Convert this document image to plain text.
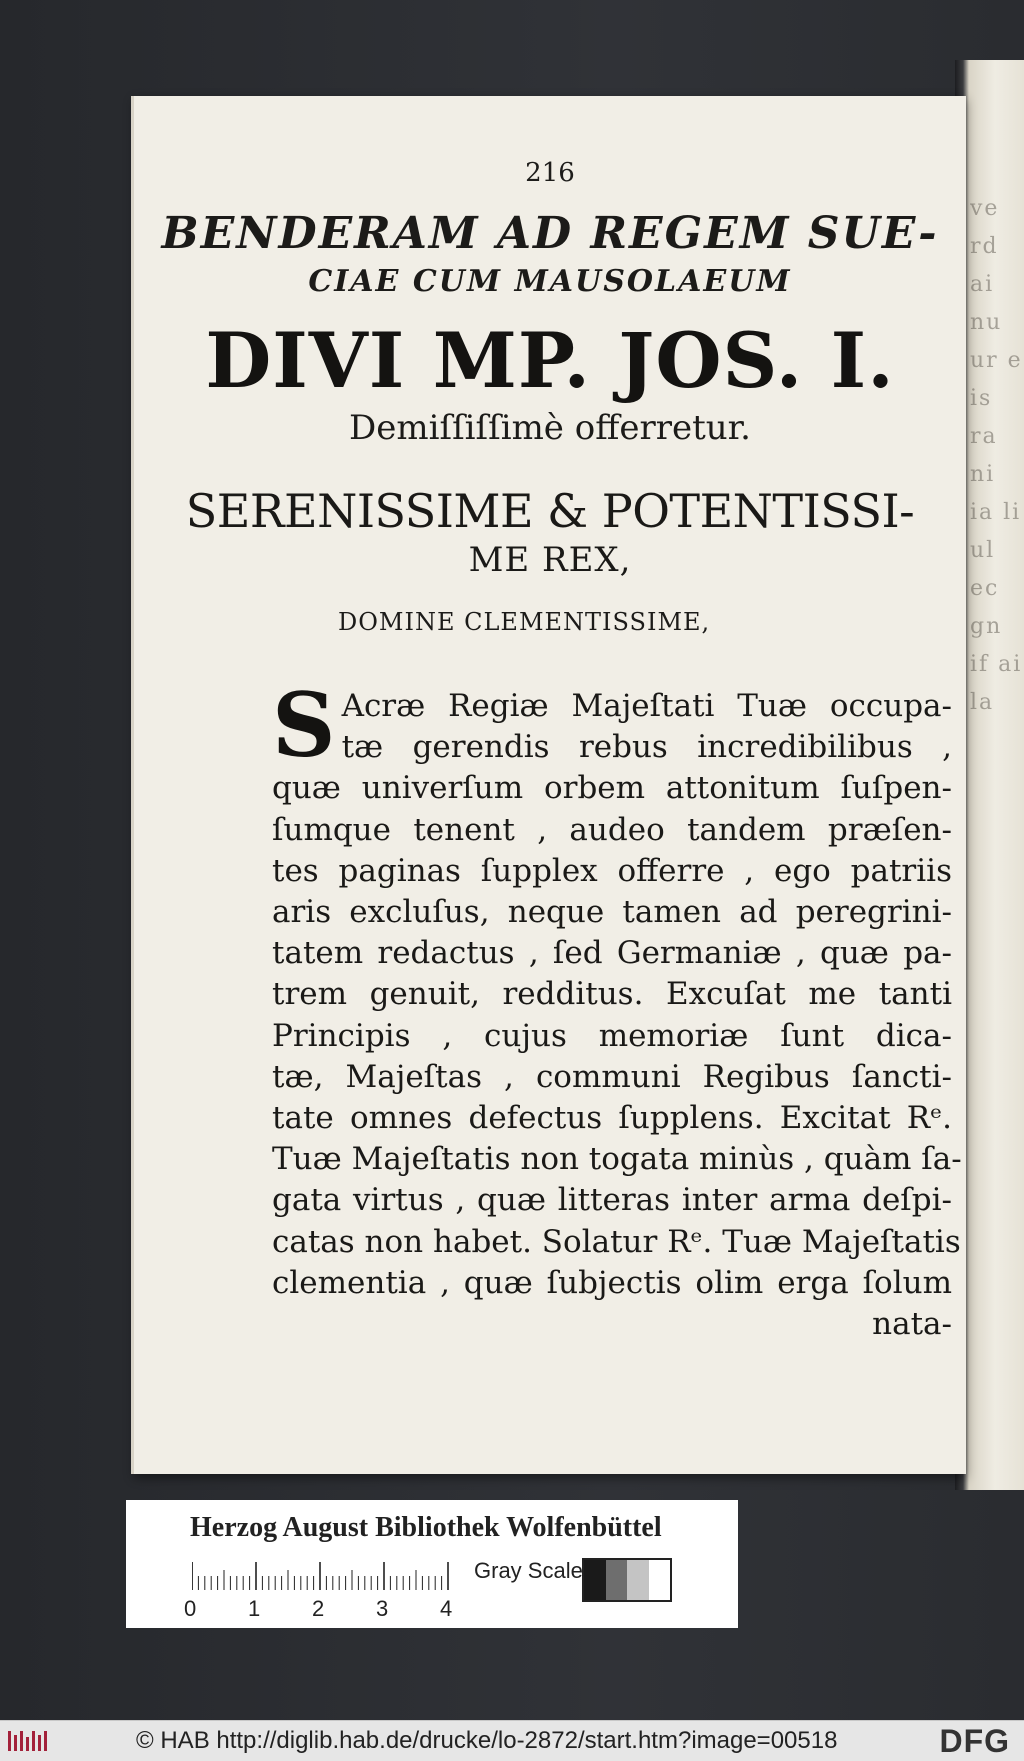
ve rd ai nu ur e is ra ni ia li ul ec gn if ai la
216
BENDERAM AD REGEM SUE-
CIAE CUM MAUSOLAEUM
DIVI MP. JOS. I.
Demiſſiſſimè offerretur.
SERENISSIME & POTENTISSI-
ME REX,
DOMINE CLEMENTISSIME,
S Acræ Regiæ Majeſtati Tuæ occupa-
tæ gerendis rebus incredibilibus ,
quæ univerſum orbem attonitum ſuſpen-
ſumque tenent , audeo tandem præſen-
tes paginas ſupplex offerre , ego patriis
aris excluſus, neque tamen ad peregrini-
tatem redactus , ſed Germaniæ , quæ pa-
trem genuit, redditus. Excuſat me tanti
Principis , cujus memoriæ ſunt dica-
tæ, Majeſtas , communi Regibus ſancti-
tate omnes defectus ſupplens. Excitat Rᵉ.
Tuæ Majeſtatis non togata minùs , quàm ſa-
gata virtus , quæ litteras inter arma deſpi-
catas non habet. Solatur Rᵉ. Tuæ Majeſtatis
clementia , quæ ſubjectis olim erga ſolum
nata-
Herzog August Bibliothek Wolfenbüttel
0 1 2 3 4
Gray Scale
© HAB http://diglib.hab.de/drucke/lo-2872/start.htm?image=00518	DFG
